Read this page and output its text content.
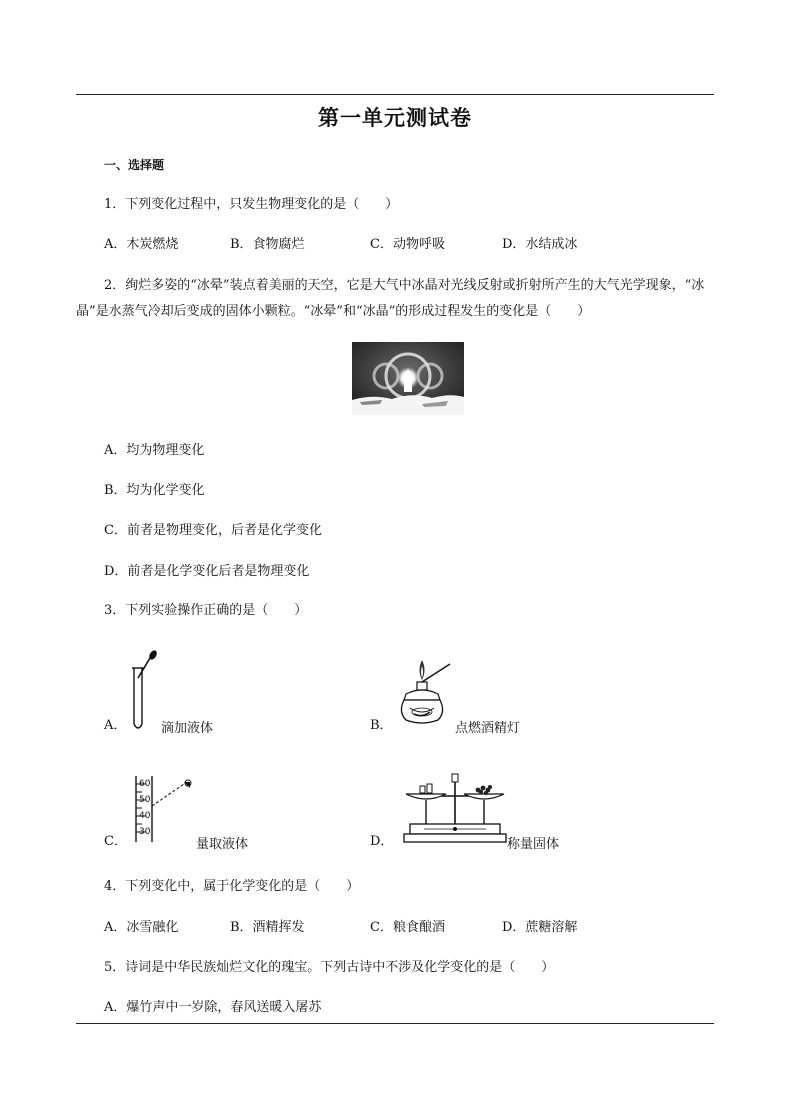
第一单元测试卷
一、选择题
1．下列变化过程中，只发生物理变化的是（　　）
A．木炭燃烧	B．食物腐烂	C．动物呼吸	D．水结成冰
2．绚烂多姿的“冰晕”装点着美丽的天空，它是大气中冰晶对光线反射或折射所产生的大气光学现象，“冰晶”是水蒸气冷却后变成的固体小颗粒。“冰晕”和“冰晶“的形成过程发生的变化是（　　）
A．均为物理变化
B．均为化学变化
C．前者是物理变化，后者是化学变化
D．前者是化学变化后者是物理变化
3．下列实验操作正确的是（　　）
A．	滴加液体	B．	点燃酒精灯
C．
60
50
40
30
量取液体	D．	称量固体
4．下列变化中，属于化学变化的是（　　）
A．冰雪融化	B．酒精挥发	C．粮食酿酒	D．蔗糖溶解
5．诗词是中华民族灿烂文化的瑰宝。下列古诗中不涉及化学变化的是（　　）
A．爆竹声中一岁除，春风送暖入屠苏
